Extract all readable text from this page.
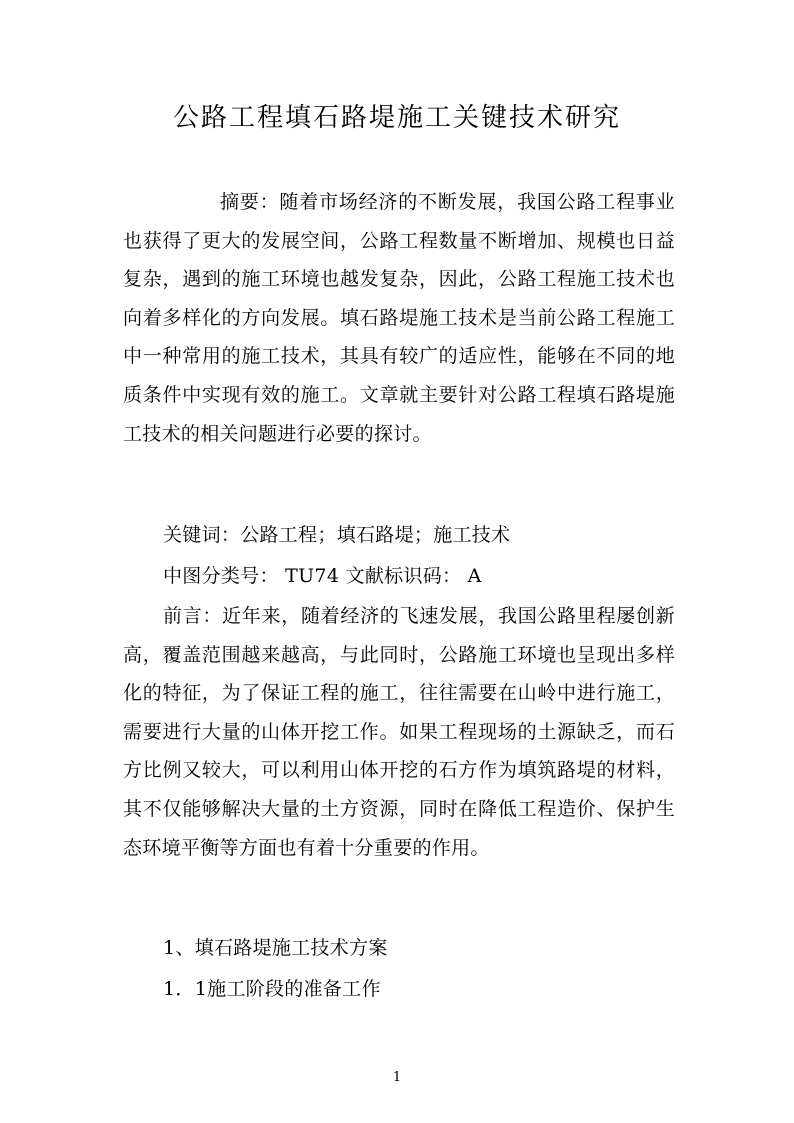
公路工程填石路堤施工关键技术研究

摘要：随着市场经济的不断发展，我国公路工程事业也获得了更大的发展空间，公路工程数量不断增加、规模也日益复杂，遇到的施工环境也越发复杂，因此，公路工程施工技术也向着多样化的方向发展。填石路堤施工技术是当前公路工程施工中一种常用的施工技术，其具有较广的适应性，能够在不同的地质条件中实现有效的施工。文章就主要针对公路工程填石路堤施工技术的相关问题进行必要的探讨。

关键词：公路工程；填石路堤；施工技术

中图分类号： TU74 文献标识码： A

前言：近年来，随着经济的飞速发展，我国公路里程屡创新高，覆盖范围越来越高，与此同时，公路施工环境也呈现出多样化的特征，为了保证工程的施工，往往需要在山岭中进行施工，需要进行大量的山体开挖工作。如果工程现场的土源缺乏，而石方比例又较大，可以利用山体开挖的石方作为填筑路堤的材料，其不仅能够解决大量的土方资源，同时在降低工程造价、保护生态环境平衡等方面也有着十分重要的作用。

1、填石路堤施工技术方案

1．1施工阶段的准备工作

1
